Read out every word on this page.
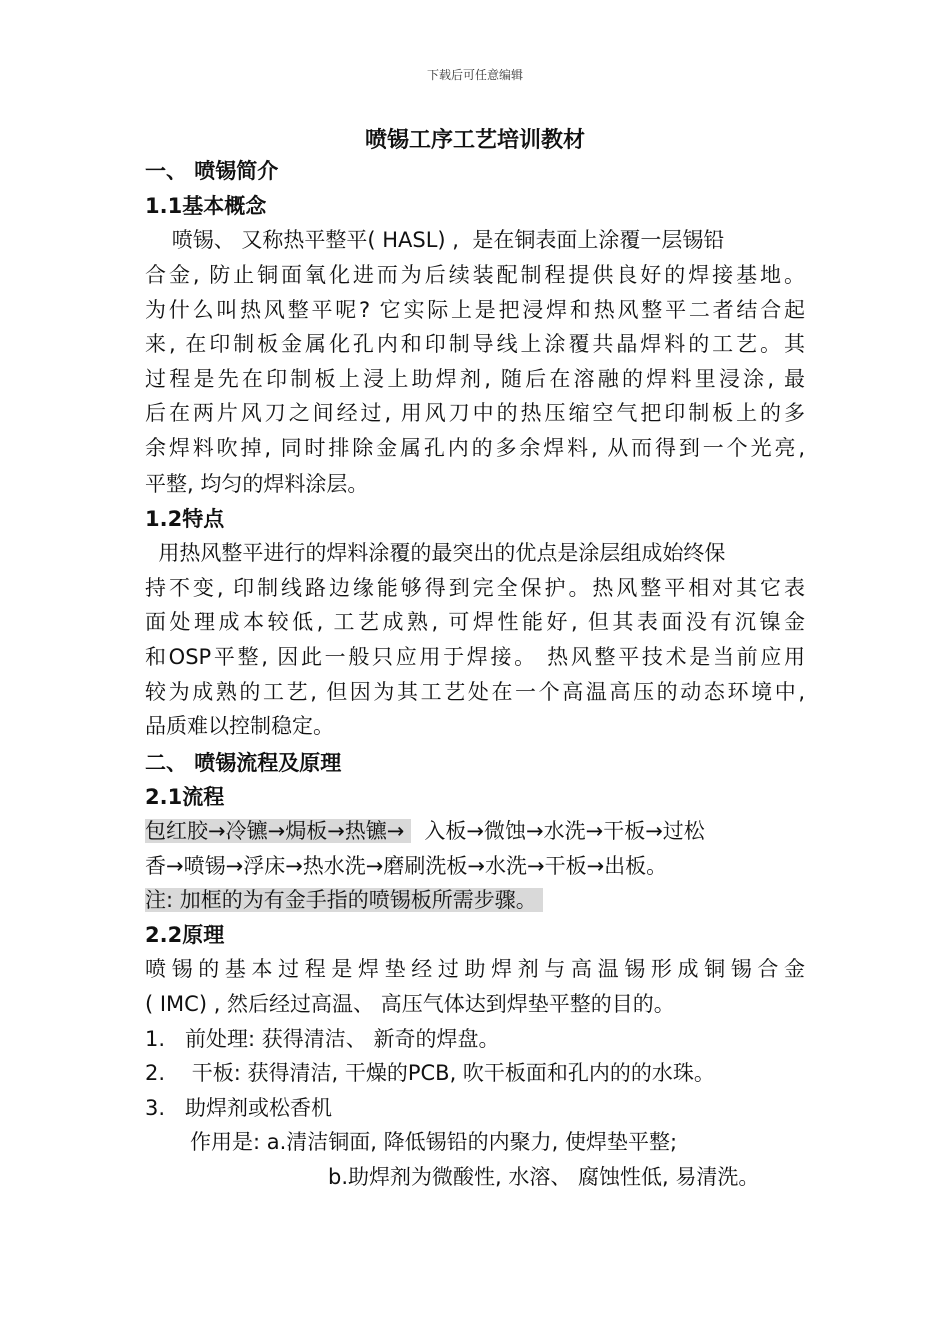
下载后可任意编辑
喷锡工序工艺培训教材
一、 喷锡简介
1.1基本概念
喷锡、 又称热平整平( HASL) ,  是在铜表面上涂覆一层锡铅
合金, 防止铜面氧化进而为后续装配制程提供良好的焊接基地。
为什么叫热风整平呢? 它实际上是把浸焊和热风整平二者结合起
来, 在印制板金属化孔内和印制导线上涂覆共晶焊料的工艺。其
过程是先在印制板上浸上助焊剂, 随后在溶融的焊料里浸涂, 最
后在两片风刀之间经过, 用风刀中的热压缩空气把印制板上的多
余焊料吹掉, 同时排除金属孔内的多余焊料, 从而得到一个光亮,
平整, 均匀的焊料涂层。
1.2特点
用热风整平进行的焊料涂覆的最突出的优点是涂层组成始终保
持不变, 印制线路边缘能够得到完全保护。热风整平相对其它表
面处理成本较低, 工艺成熟, 可焊性能好, 但其表面没有沉镍金
和OSP平整, 因此一般只应用于焊接。 热风整平技术是当前应用
较为成熟的工艺, 但因为其工艺处在一个高温高压的动态环境中,
品质难以控制稳定。
二、 喷锡流程及原理
2.1流程
包红胶→冷镳→焗板→热镳→   入板→微蚀→水洗→干板→过松
香→喷锡→浮床→热水洗→磨刷洗板→水洗→干板→出板。
注: 加框的为有金手指的喷锡板所需步骤。
2.2原理
喷锡的基本过程是焊垫经过助焊剂与高温锡形成铜锡合金
( IMC) , 然后经过高温、 高压气体达到焊垫平整的目的。
1.   前处理: 获得清洁、 新奇的焊盘。
2.    干板: 获得清洁, 干燥的PCB, 吹干板面和孔内的的水珠。
3.   助焊剂或松香机
作用是: a.清洁铜面, 降低锡铅的内聚力, 使焊垫平整;
b.助焊剂为微酸性, 水溶、 腐蚀性低, 易清洗。
